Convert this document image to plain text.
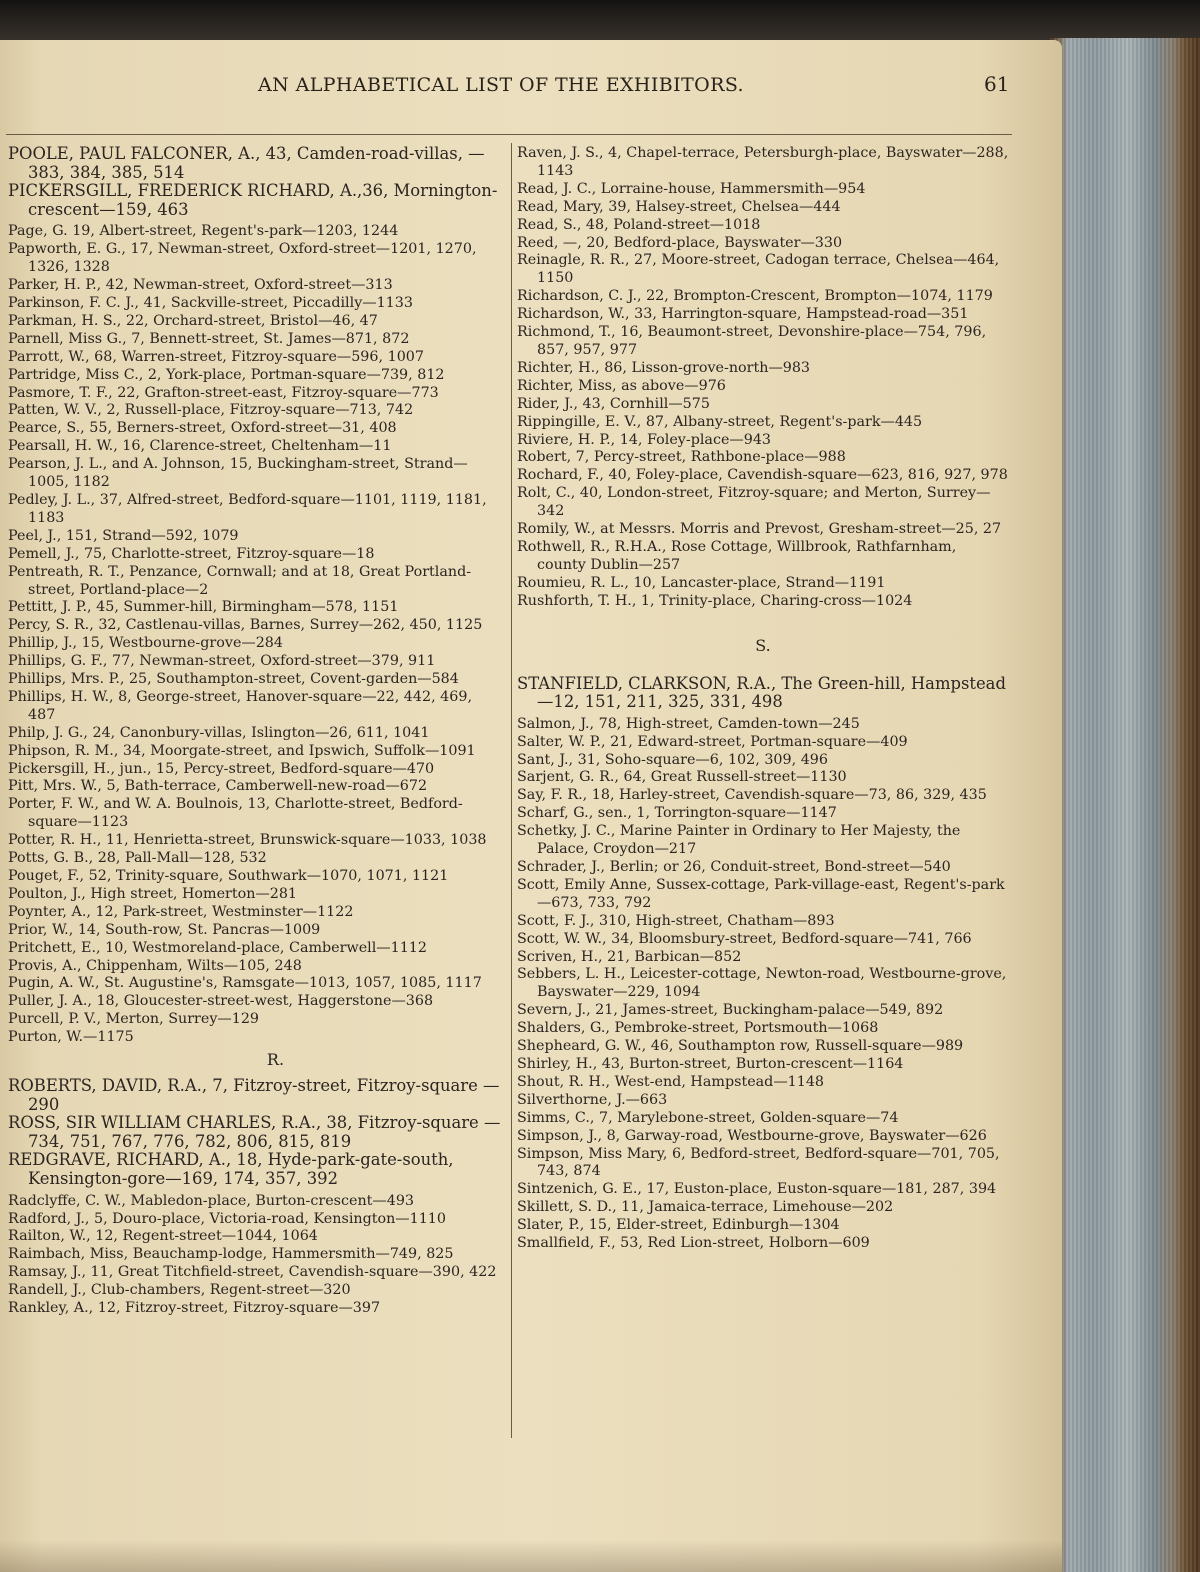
AN ALPHABETICAL LIST OF THE EXHIBITORS.	61

POOLE, PAUL FALCONER, A., 43, Camden-road-villas, —383, 384, 385, 514

PICKERSGILL, FREDERICK RICHARD, A.,36, Mornington-crescent—159, 463

Page, G. 19, Albert-street, Regent's-park—1203, 1244

Papworth, E. G., 17, Newman-street, Oxford-street—1201, 1270, 1326, 1328

Parker, H. P., 42, Newman-street, Oxford-street—313

Parkinson, F. C. J., 41, Sackville-street, Piccadilly—1133

Parkman, H. S., 22, Orchard-street, Bristol—46, 47

Parnell, Miss G., 7, Bennett-street, St. James—871, 872

Parrott, W., 68, Warren-street, Fitzroy-square—596, 1007

Partridge, Miss C., 2, York-place, Portman-square—739, 812

Pasmore, T. F., 22, Grafton-street-east, Fitzroy-square—773

Patten, W. V., 2, Russell-place, Fitzroy-square—713, 742

Pearce, S., 55, Berners-street, Oxford-street—31, 408

Pearsall, H. W., 16, Clarence-street, Cheltenham—11

Pearson, J. L., and A. Johnson, 15, Buckingham-street, Strand—1005, 1182

Pedley, J. L., 37, Alfred-street, Bedford-square—1101, 1119, 1181, 1183

Peel, J., 151, Strand—592, 1079

Pemell, J., 75, Charlotte-street, Fitzroy-square—18

Pentreath, R. T., Penzance, Cornwall; and at 18, Great Portland-street, Portland-place—2

Pettitt, J. P., 45, Summer-hill, Birmingham—578, 1151

Percy, S. R., 32, Castlenau-villas, Barnes, Surrey—262, 450, 1125

Phillip, J., 15, Westbourne-grove—284

Phillips, G. F., 77, Newman-street, Oxford-street—379, 911

Phillips, Mrs. P., 25, Southampton-street, Covent-garden—584

Phillips, H. W., 8, George-street, Hanover-square—22, 442, 469, 487

Philp, J. G., 24, Canonbury-villas, Islington—26, 611, 1041

Phipson, R. M., 34, Moorgate-street, and Ipswich, Suffolk—1091

Pickersgill, H., jun., 15, Percy-street, Bedford-square—470

Pitt, Mrs. W., 5, Bath-terrace, Camberwell-new-road—672

Porter, F. W., and W. A. Boulnois, 13, Charlotte-street, Bedford-square—1123

Potter, R. H., 11, Henrietta-street, Brunswick-square—1033, 1038

Potts, G. B., 28, Pall-Mall—128, 532

Pouget, F., 52, Trinity-square, Southwark—1070, 1071, 1121

Poulton, J., High street, Homerton—281

Poynter, A., 12, Park-street, Westminster—1122

Prior, W., 14, South-row, St. Pancras—1009

Pritchett, E., 10, Westmoreland-place, Camberwell—1112

Provis, A., Chippenham, Wilts—105, 248

Pugin, A. W., St. Augustine's, Ramsgate—1013, 1057, 1085, 1117

Puller, J. A., 18, Gloucester-street-west, Haggerstone—368

Purcell, P. V., Merton, Surrey—129

Purton, W.—1175

R.

ROBERTS, DAVID, R.A., 7, Fitzroy-street, Fitzroy-square —290

ROSS, SIR WILLIAM CHARLES, R.A., 38, Fitzroy-square —734, 751, 767, 776, 782, 806, 815, 819

REDGRAVE, RICHARD, A., 18, Hyde-park-gate-south, Kensington-gore—169, 174, 357, 392

Radclyffe, C. W., Mabledon-place, Burton-crescent—493

Radford, J., 5, Douro-place, Victoria-road, Kensington—1110

Railton, W., 12, Regent-street—1044, 1064

Raimbach, Miss, Beauchamp-lodge, Hammersmith—749, 825

Ramsay, J., 11, Great Titchfield-street, Cavendish-square—390, 422

Randell, J., Club-chambers, Regent-street—320

Rankley, A., 12, Fitzroy-street, Fitzroy-square—397

Raven, J. S., 4, Chapel-terrace, Petersburgh-place, Bayswater—288, 1143

Read, J. C., Lorraine-house, Hammersmith—954

Read, Mary, 39, Halsey-street, Chelsea—444

Read, S., 48, Poland-street—1018

Reed, —, 20, Bedford-place, Bayswater—330

Reinagle, R. R., 27, Moore-street, Cadogan terrace, Chelsea—464, 1150

Richardson, C. J., 22, Brompton-Crescent, Brompton—1074, 1179

Richardson, W., 33, Harrington-square, Hampstead-road—351

Richmond, T., 16, Beaumont-street, Devonshire-place—754, 796, 857, 957, 977

Richter, H., 86, Lisson-grove-north—983

Richter, Miss, as above—976

Rider, J., 43, Cornhill—575

Rippingille, E. V., 87, Albany-street, Regent's-park—445

Riviere, H. P., 14, Foley-place—943

Robert, 7, Percy-street, Rathbone-place—988

Rochard, F., 40, Foley-place, Cavendish-square—623, 816, 927, 978

Rolt, C., 40, London-street, Fitzroy-square; and Merton, Surrey—342

Romily, W., at Messrs. Morris and Prevost, Gresham-street—25, 27

Rothwell, R., R.H.A., Rose Cottage, Willbrook, Rathfarnham, county Dublin—257

Roumieu, R. L., 10, Lancaster-place, Strand—1191

Rushforth, T. H., 1, Trinity-place, Charing-cross—1024

S.

STANFIELD, CLARKSON, R.A., The Green-hill, Hampstead—12, 151, 211, 325, 331, 498

Salmon, J., 78, High-street, Camden-town—245

Salter, W. P., 21, Edward-street, Portman-square—409

Sant, J., 31, Soho-square—6, 102, 309, 496

Sarjent, G. R., 64, Great Russell-street—1130

Say, F. R., 18, Harley-street, Cavendish-square—73, 86, 329, 435

Scharf, G., sen., 1, Torrington-square—1147

Schetky, J. C., Marine Painter in Ordinary to Her Majesty, the Palace, Croydon—217

Schrader, J., Berlin; or 26, Conduit-street, Bond-street—540

Scott, Emily Anne, Sussex-cottage, Park-village-east, Regent's-park—673, 733, 792

Scott, F. J., 310, High-street, Chatham—893

Scott, W. W., 34, Bloomsbury-street, Bedford-square—741, 766

Scriven, H., 21, Barbican—852

Sebbers, L. H., Leicester-cottage, Newton-road, Westbourne-grove, Bayswater—229, 1094

Severn, J., 21, James-street, Buckingham-palace—549, 892

Shalders, G., Pembroke-street, Portsmouth—1068

Shepheard, G. W., 46, Southampton row, Russell-square—989

Shirley, H., 43, Burton-street, Burton-crescent—1164

Shout, R. H., West-end, Hampstead—1148

Silverthorne, J.—663

Simms, C., 7, Marylebone-street, Golden-square—74

Simpson, J., 8, Garway-road, Westbourne-grove, Bayswater—626

Simpson, Miss Mary, 6, Bedford-street, Bedford-square—701, 705, 743, 874

Sintzenich, G. E., 17, Euston-place, Euston-square—181, 287, 394

Skillett, S. D., 11, Jamaica-terrace, Limehouse—202

Slater, P., 15, Elder-street, Edinburgh—1304

Smallfield, F., 53, Red Lion-street, Holborn—609
